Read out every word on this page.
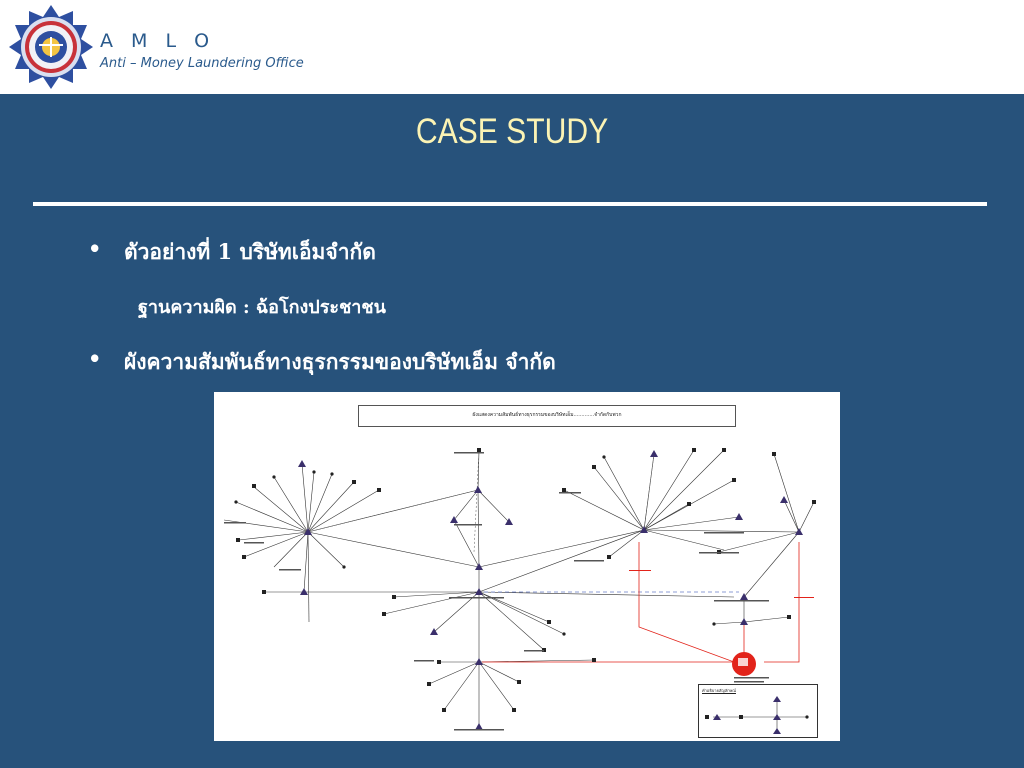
A M L O
Anti – Money Laundering Office
CASE STUDY
• ตัวอย่างที่ 1 บริษัทเอ็มจำกัด
ฐานความผิด : ฉ้อโกงประชาชน
• ผังความสัมพันธ์ทางธุรกรรมของบริษัทเอ็ม จำกัด
ผังแสดงความสัมพันธ์ทางธุรกรรมของบริษัทเอ็ม.............จำกัดกับพวก
คำอธิบายสัญลักษณ์
